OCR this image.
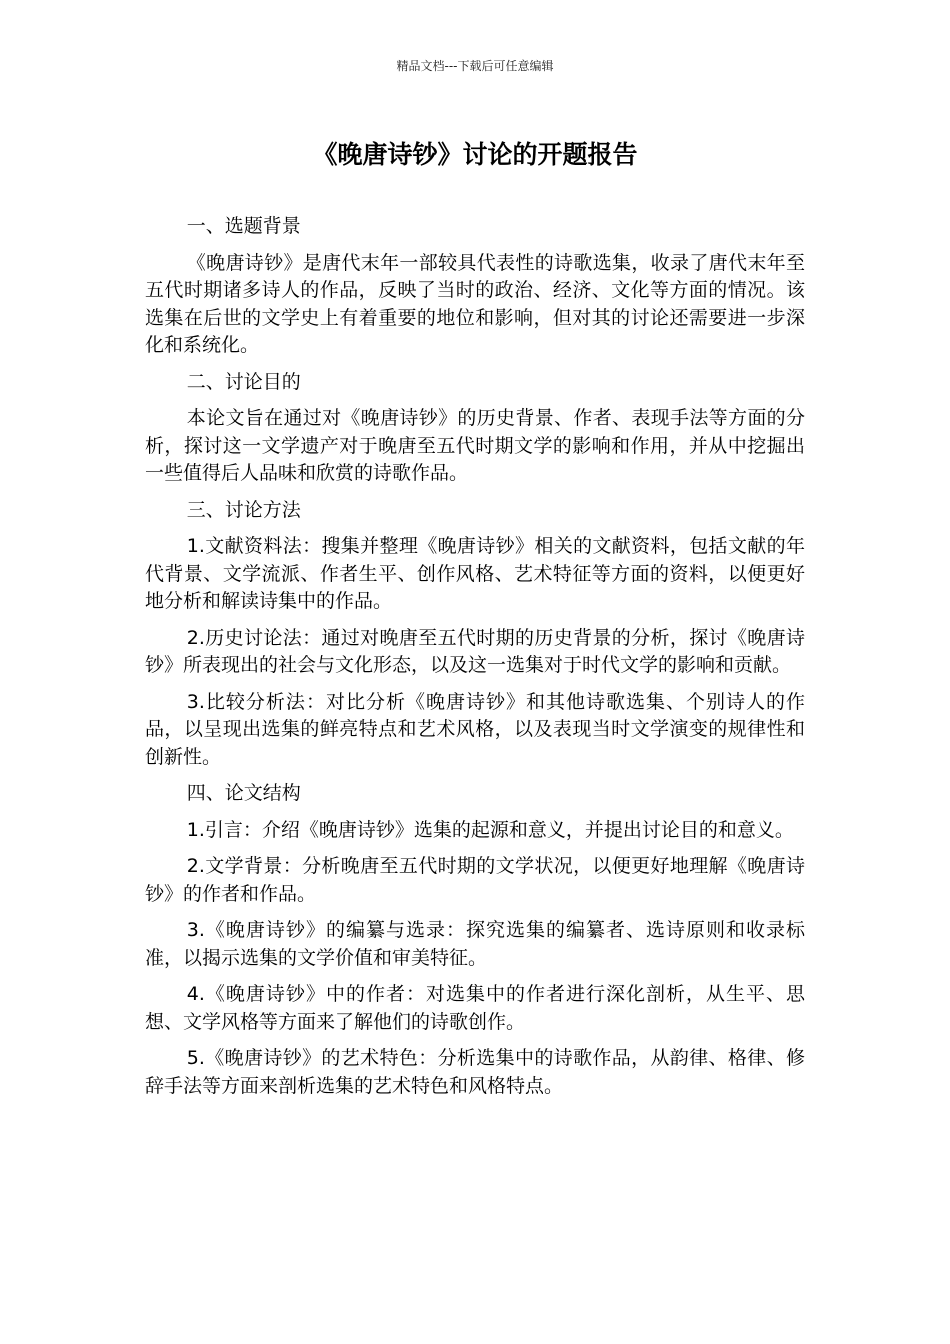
精品文档---下载后可任意编辑
《晚唐诗钞》讨论的开题报告

一、选题背景

《晚唐诗钞》是唐代末年一部较具代表性的诗歌选集，收录了唐代末年至五代时期诸多诗人的作品，反映了当时的政治、经济、文化等方面的情况。该选集在后世的文学史上有着重要的地位和影响，但对其的讨论还需要进一步深化和系统化。

二、讨论目的

本论文旨在通过对《晚唐诗钞》的历史背景、作者、表现手法等方面的分析，探讨这一文学遗产对于晚唐至五代时期文学的影响和作用，并从中挖掘出一些值得后人品味和欣赏的诗歌作品。

三、讨论方法

1.文献资料法：搜集并整理《晚唐诗钞》相关的文献资料，包括文献的年代背景、文学流派、作者生平、创作风格、艺术特征等方面的资料，以便更好地分析和解读诗集中的作品。

2.历史讨论法：通过对晚唐至五代时期的历史背景的分析，探讨《晚唐诗钞》所表现出的社会与文化形态，以及这一选集对于时代文学的影响和贡献。

3.比较分析法：对比分析《晚唐诗钞》和其他诗歌选集、个别诗人的作品，以呈现出选集的鲜亮特点和艺术风格，以及表现当时文学演变的规律性和创新性。

四、论文结构

1.引言：介绍《晚唐诗钞》选集的起源和意义，并提出讨论目的和意义。

2.文学背景：分析晚唐至五代时期的文学状况，以便更好地理解《晚唐诗钞》的作者和作品。

3.《晚唐诗钞》的编纂与选录：探究选集的编纂者、选诗原则和收录标准，以揭示选集的文学价值和审美特征。

4.《晚唐诗钞》中的作者：对选集中的作者进行深化剖析，从生平、思想、文学风格等方面来了解他们的诗歌创作。

5.《晚唐诗钞》的艺术特色：分析选集中的诗歌作品，从韵律、格律、修辞手法等方面来剖析选集的艺术特色和风格特点。
